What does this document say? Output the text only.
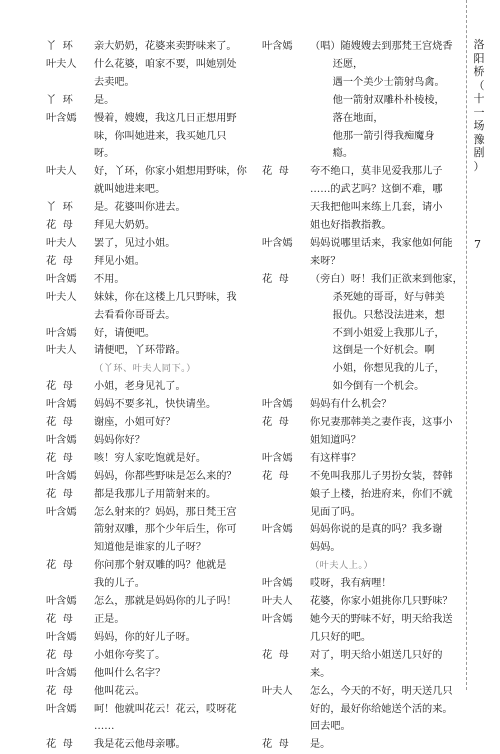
丫  环	亲大奶奶，花婆来卖野味来了。
叶夫人	什么花婆，咱家不要，叫她别处
去卖吧。
丫  环	是。
叶含嫣	慢着，嫂嫂，我这几日正想用野
味，你叫她进来，我买她几只
呀。
叶夫人	好，丫环，你家小姐想用野味，你
就叫她进来吧。
丫  环	是。花婆叫你进去。
花  母	拜见大奶奶。
叶夫人	罢了，见过小姐。
花  母	拜见小姐。
叶含嫣	不用。
叶夫人	妹妹，你在这楼上几只野味，我
去看看你哥哥去。
叶含嫣	好，请便吧。
叶夫人	请便吧，丫环带路。
（丫环、叶夫人同下。）
花  母	小姐，老身见礼了。
叶含嫣	妈妈不要多礼，快快请坐。
花  母	谢座，小姐可好？
叶含嫣	妈妈你好？
花  母	咳！穷人家吃饱就是好。
叶含嫣	妈妈，你都些野味是怎么来的？
花  母	都是我那儿子用箭射来的。
叶含嫣	怎么射来的？妈妈，那日梵王宫
箭射双雕，那个少年后生，你可
知道他是谁家的儿子呀？
花  母	你问那个射双雕的吗？他就是
我的儿子。
叶含嫣	怎么，那就是妈妈你的儿子吗！
花  母	正是。
叶含嫣	妈妈，你的好儿子呀。
花  母	小姐你夸奖了。
叶含嫣	他叫什么名字？
花  母	他叫花云。
叶含嫣	呵！他就叫花云！花云，哎呀花
……
花  母	我是花云他母亲哪。
叶含嫣	（唱）随嫂嫂去到那梵王宫烧香
还愿，
遇一个美少士箭射鸟禽。
他一箭射双雕朴朴棱棱，
落在地面，
他那一箭引得我痴魔身
瘾。
花  母	夸不绝口，莫非见爱我那儿子
……的武艺吗？这倒不难，哪
天我把他叫来练上几套，请小
姐也好指教指教。
叶含嫣	妈妈说哪里话来，我家他如何能
来呀？
花  母	（旁白）呀！我们正欲来到他家，
杀死她的哥哥，好与韩美
报仇。只愁没法进来，想
不到小姐爱上我那儿子，
这倒是一个好机会。啊
小姐，你想见我的儿子，
如今倒有一个机会。
叶含嫣	妈妈有什么机会？
花  母	你兄妻那韩美之妻作丧，这事小
姐知道吗？
叶含嫣	有这样事？
花  母	不免叫我那儿子男扮女装，替韩
娘子上楼，抬进府来，你们不就
见面了吗。
叶含嫣	妈妈你说的是真的吗？我多谢
妈妈。
（叶夫人上。）
叶含嫣	哎呀，我有病哩！
叶夫人	花婆，你家小姐挑你几只野味？
叶含嫣	她今天的野味不好，明天给我送
几只好的吧。
花  母	对了，明天给小姐送几只好的
来。
叶夫人	怎么，今天的不好，明天送几只
好的，最好你给她送个活的来。
回去吧。
花  母	是。
洛
阳
桥
（
十
一
场
豫
剧
）
7
